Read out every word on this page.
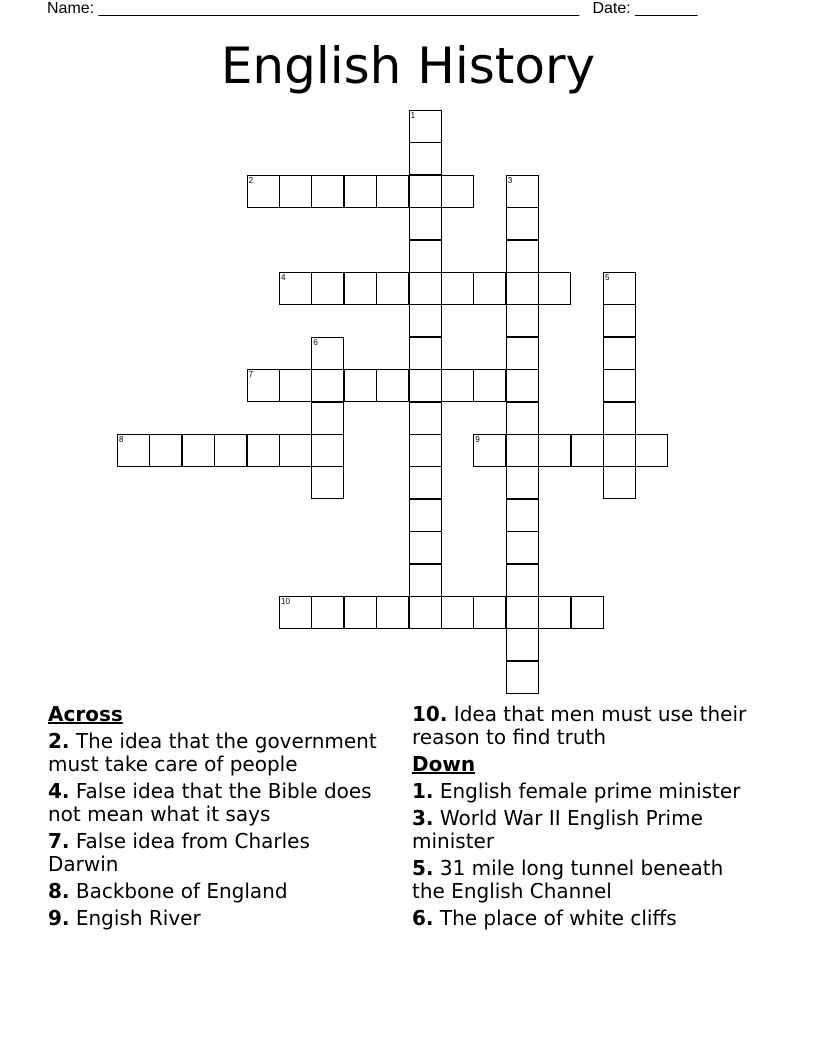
Name: ______________________________________________________ Date: _______
English History
1
2	3
4	5
6
7
8	9
10
Across
2. The idea that the government must take care of people
4. False idea that the Bible does not mean what it says
7. False idea from Charles Darwin
8. Backbone of England
9. Engish River
10. Idea that men must use their reason to find truth
Down
1. English female prime minister
3. World War II English Prime minister
5. 31 mile long tunnel beneath the English Channel
6. The place of white cliffs
